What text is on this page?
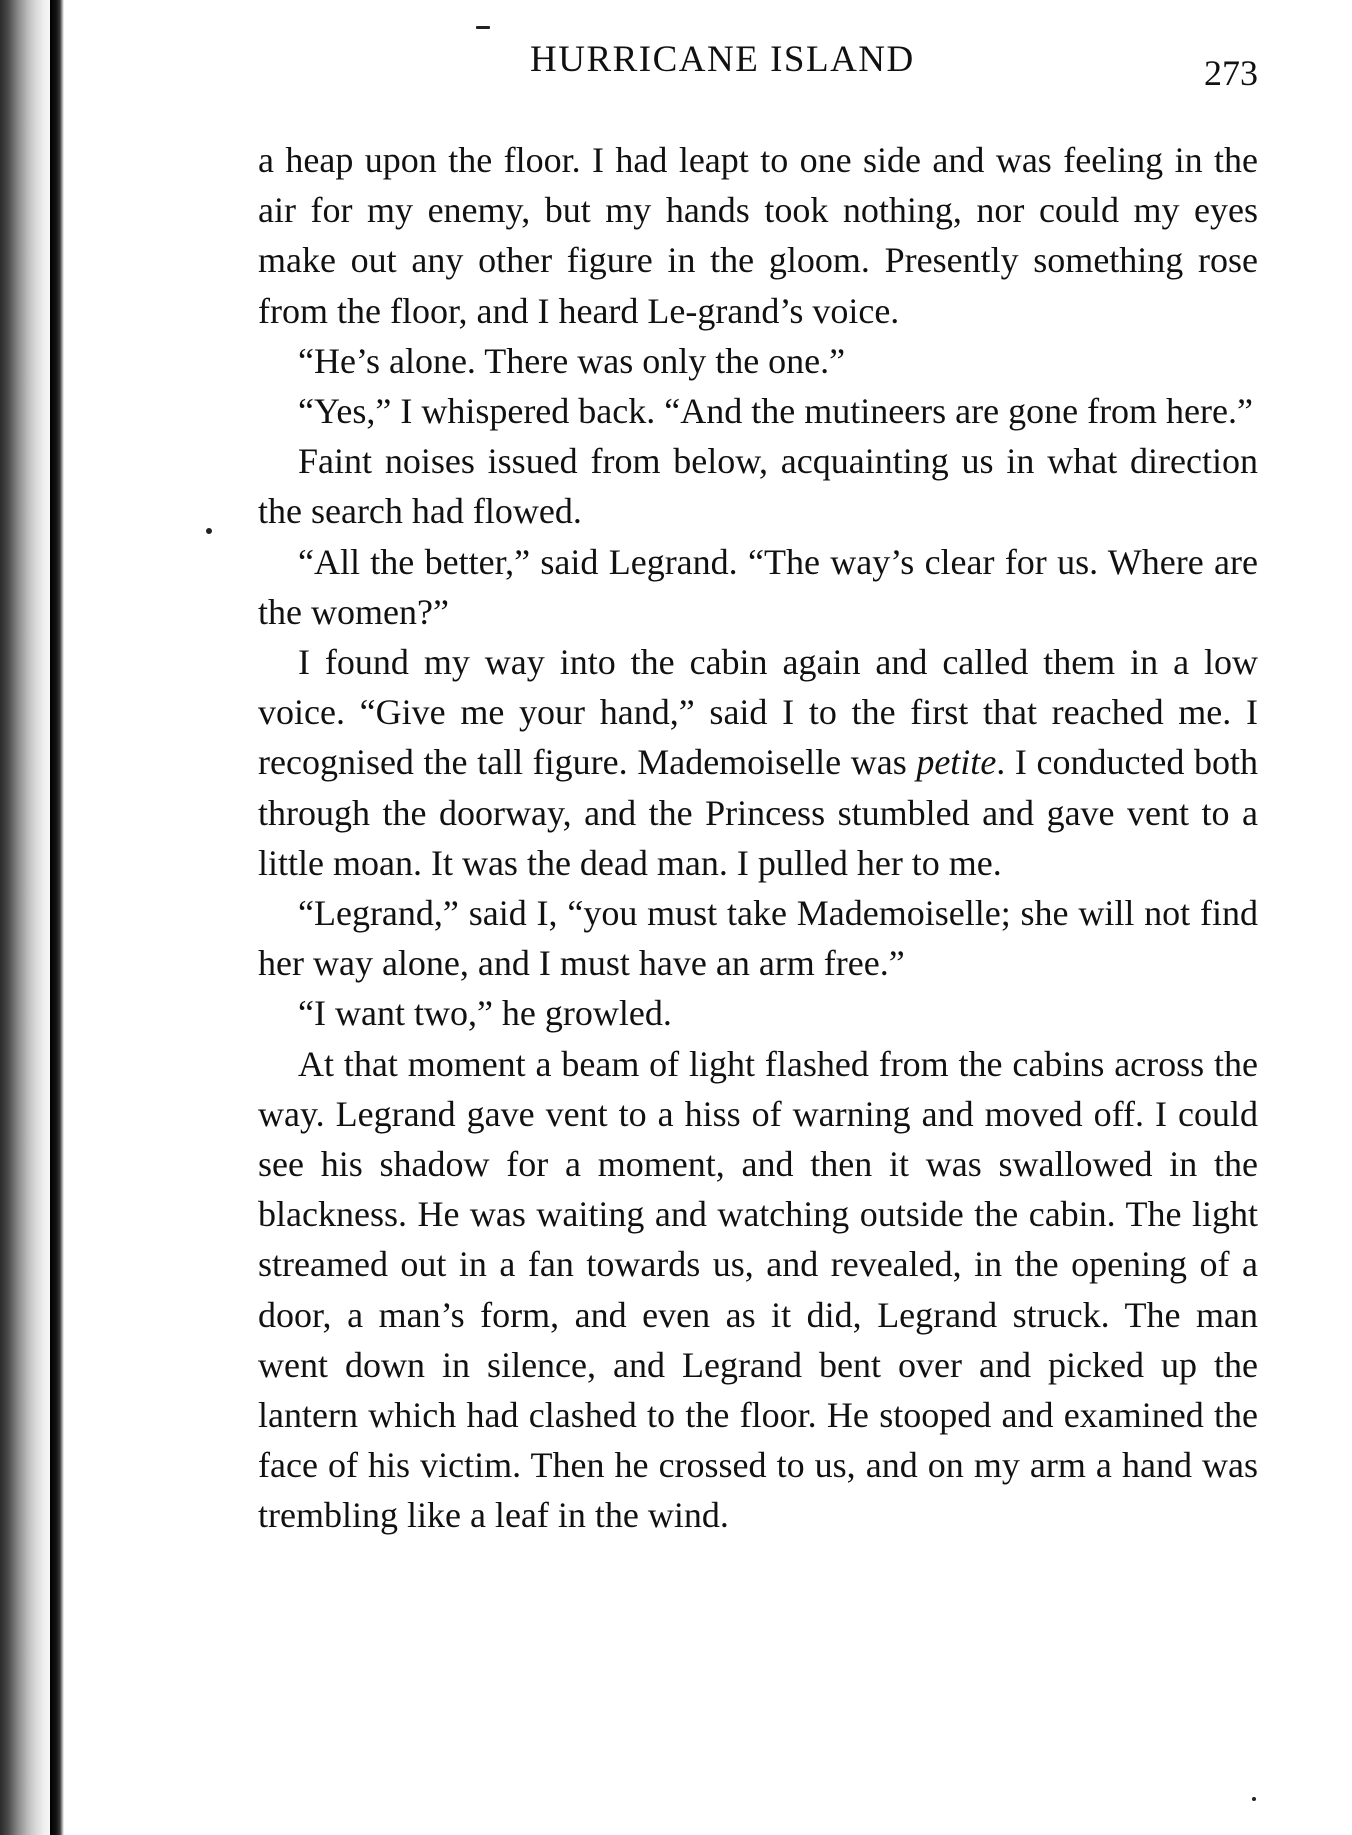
HURRICANE ISLAND	273

a heap upon the floor. I had leapt to one side and was feeling in the air for my enemy, but my hands took nothing, nor could my eyes make out any other figure in the gloom. Presently something rose from the floor, and I heard Le-grand’s voice.

“He’s alone. There was only the one.”

“Yes,” I whispered back. “And the mutineers are gone from here.”

Faint noises issued from below, acquainting us in what direction the search had flowed.

“All the better,” said Legrand. “The way’s clear for us. Where are the women?”

I found my way into the cabin again and called them in a low voice. “Give me your hand,” said I to the first that reached me. I recognised the tall figure. Mademoiselle was petite. I conducted both through the doorway, and the Princess stumbled and gave vent to a little moan. It was the dead man. I pulled her to me.

“Legrand,” said I, “you must take Mademoiselle; she will not find her way alone, and I must have an arm free.”

“I want two,” he growled.

At that moment a beam of light flashed from the cabins across the way. Legrand gave vent to a hiss of warning and moved off. I could see his shadow for a moment, and then it was swallowed in the blackness. He was waiting and watching outside the cabin. The light streamed out in a fan towards us, and revealed, in the opening of a door, a man’s form, and even as it did, Legrand struck. The man went down in silence, and Legrand bent over and picked up the lantern which had clashed to the floor. He stooped and examined the face of his victim. Then he crossed to us, and on my arm a hand was trembling like a leaf in the wind.
